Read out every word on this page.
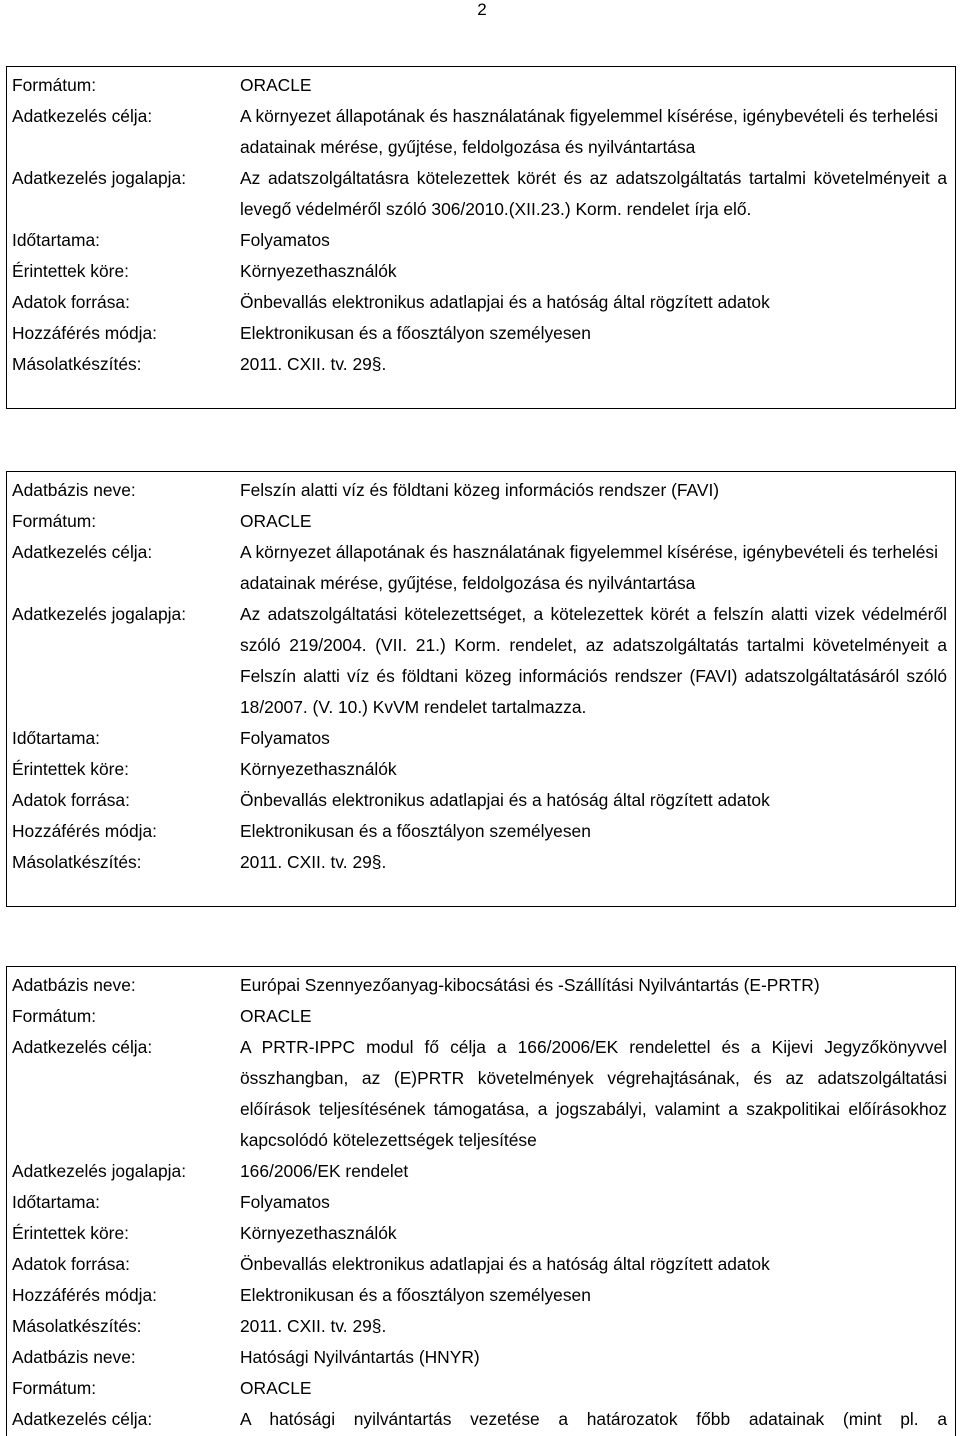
2
Formátum:	ORACLE
Adatkezelés célja:	A környezet állapotának és használatának figyelemmel kísérése, igénybevételi és terhelési adatainak mérése, gyűjtése, feldolgozása és nyilvántartása
Adatkezelés jogalapja:	Az adatszolgáltatásra kötelezettek körét és az adatszolgáltatás tartalmi követelményeit a levegő védelméről szóló 306/2010.(XII.23.) Korm. rendelet írja elő.
Időtartama:	Folyamatos
Érintettek köre:	Környezethasználók
Adatok forrása:	Önbevallás elektronikus adatlapjai és a hatóság által rögzített adatok
Hozzáférés módja:	Elektronikusan és a főosztályon személyesen
Másolatkészítés:	2011. CXII. tv. 29§.
Adatbázis neve:	Felszín alatti víz és földtani közeg információs rendszer (FAVI)
Formátum:	ORACLE
Adatkezelés célja:	A környezet állapotának és használatának figyelemmel kísérése, igénybevételi és terhelési adatainak mérése, gyűjtése, feldolgozása és nyilvántartása
Adatkezelés jogalapja:	Az adatszolgáltatási kötelezettséget, a kötelezettek körét a felszín alatti vizek védelméről szóló 219/2004. (VII. 21.) Korm. rendelet, az adatszolgáltatás tartalmi követelményeit a Felszín alatti víz és földtani közeg információs rendszer (FAVI) adatszolgáltatásáról szóló 18/2007. (V. 10.) KvVM rendelet tartalmazza.
Időtartama:	Folyamatos
Érintettek köre:	Környezethasználók
Adatok forrása:	Önbevallás elektronikus adatlapjai és a hatóság által rögzített adatok
Hozzáférés módja:	Elektronikusan és a főosztályon személyesen
Másolatkészítés:	2011. CXII. tv. 29§.
Adatbázis neve:	Európai Szennyezőanyag-kibocsátási és -Szállítási Nyilvántartás (E-PRTR)
Formátum:	ORACLE
Adatkezelés célja:	A PRTR-IPPC modul fő célja a 166/2006/EK rendelettel és a Kijevi Jegyzőkönyvvel összhangban, az (E)PRTR követelmények végrehajtásának, és az adatszolgáltatási előírások teljesítésének támogatása, a jogszabályi, valamint a szakpolitikai előírásokhoz kapcsolódó kötelezettségek teljesítése
Adatkezelés jogalapja:	166/2006/EK rendelet
Időtartama:	Folyamatos
Érintettek köre:	Környezethasználók
Adatok forrása:	Önbevallás elektronikus adatlapjai és a hatóság által rögzített adatok
Hozzáférés módja:	Elektronikusan és a főosztályon személyesen
Másolatkészítés:	2011. CXII. tv. 29§.
Adatbázis neve:	Hatósági Nyilvántartás (HNYR)
Formátum:	ORACLE
Adatkezelés célja:	A hatósági nyilvántartás vezetése a határozatok főbb adatainak (mint pl. a
